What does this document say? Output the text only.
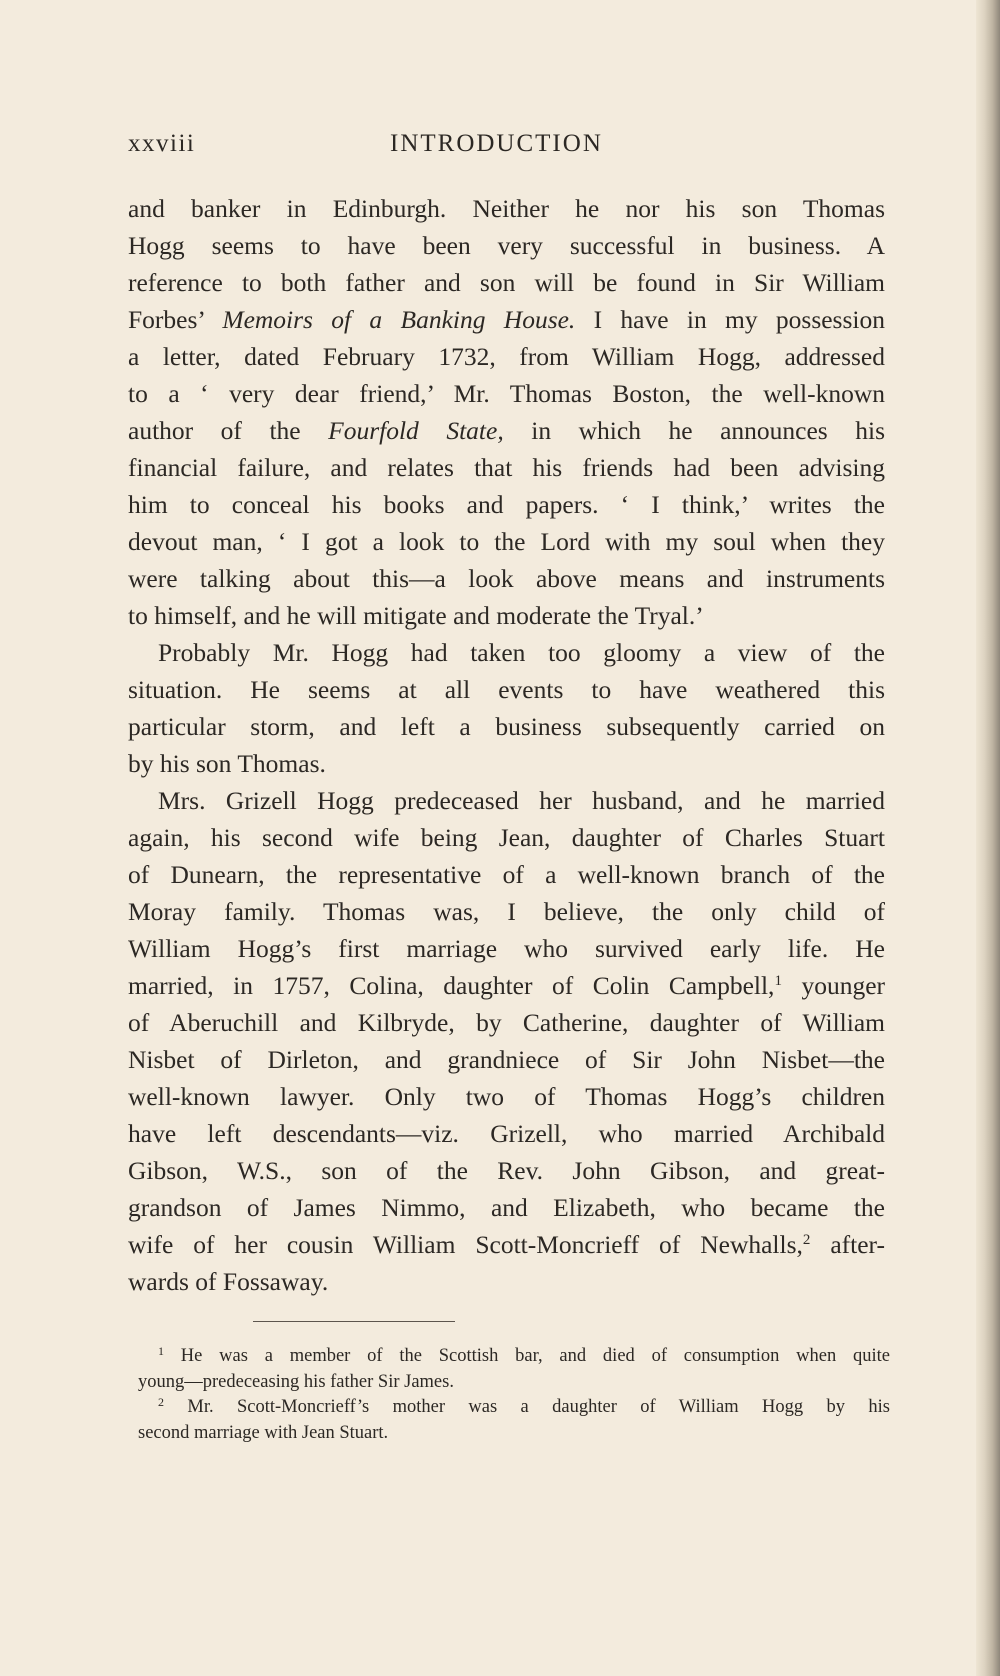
xxviii	INTRODUCTION
and banker in Edinburgh. Neither he nor his son Thomas
Hogg seems to have been very successful in business. A
reference to both father and son will be found in Sir William
Forbes’ Memoirs of a Banking House. I have in my possession
a letter, dated February 1732, from William Hogg, addressed
to a ‘ very dear friend,’ Mr. Thomas Boston, the well-known
author of the Fourfold State, in which he announces his
financial failure, and relates that his friends had been advising
him to conceal his books and papers. ‘ I think,’ writes the
devout man, ‘ I got a look to the Lord with my soul when they
were talking about this—a look above means and instruments
to himself, and he will mitigate and moderate the Tryal.’
Probably Mr. Hogg had taken too gloomy a view of the
situation. He seems at all events to have weathered this
particular storm, and left a business subsequently carried on
by his son Thomas.
Mrs. Grizell Hogg predeceased her husband, and he married
again, his second wife being Jean, daughter of Charles Stuart
of Dunearn, the representative of a well-known branch of the
Moray family. Thomas was, I believe, the only child of
William Hogg’s first marriage who survived early life. He
married, in 1757, Colina, daughter of Colin Campbell,$^1$ younger
of Aberuchill and Kilbryde, by Catherine, daughter of William
Nisbet of Dirleton, and grandniece of Sir John Nisbet—the
well-known lawyer. Only two of Thomas Hogg’s children
have left descendants—viz. Grizell, who married Archibald
Gibson, W.S., son of the Rev. John Gibson, and great-
grandson of James Nimmo, and Elizabeth, who became the
wife of her cousin William Scott-Moncrieff of Newhalls,$^2$ after-
wards of Fossaway.
$^1$ He was a member of the Scottish bar, and died of consumption when quite
young—predeceasing his father Sir James.
$^2$ Mr. Scott-Moncrieff’s mother was a daughter of William Hogg by his
second marriage with Jean Stuart.
